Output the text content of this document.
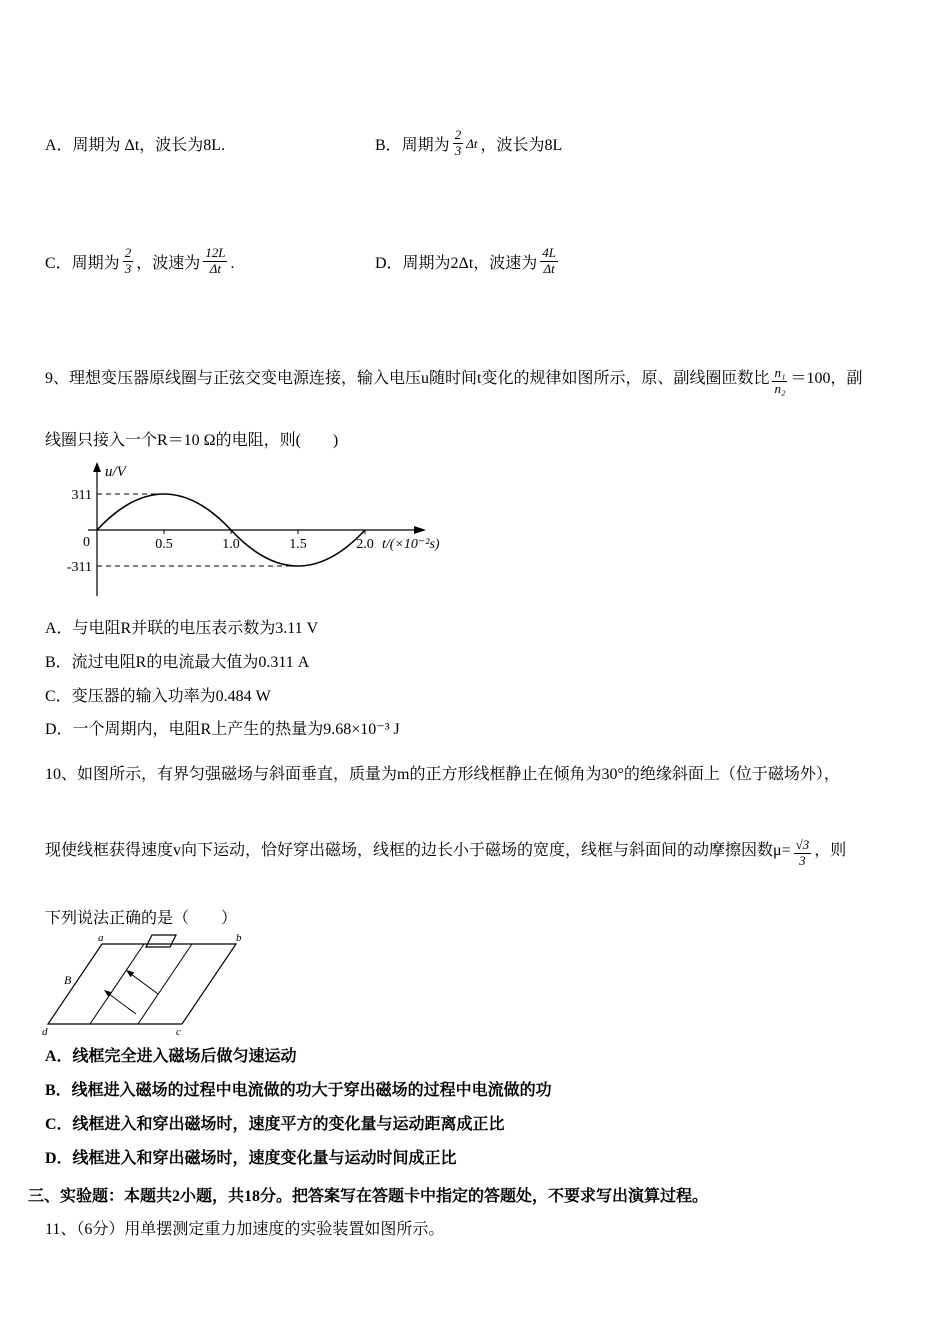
A．周期为 Δt，波长为8L.	B．周期为 $\frac{2}{3}$ Δt ，波长为8L
C．周期为 $\frac{2}{3}$ ，波速为 $\frac{12L}{\Delta t}$ .	D．周期为2Δt，波速为 $\frac{4L}{\Delta t}$
9、理想变压器原线圈与正弦交变电源连接，输入电压u随时间t变化的规律如图所示，原、副线圈匝数比 $\frac{\text{n₁}}{\text{n₂}} =100$，副
线圈只接入一个R＝10 Ω的电阻，则(　　)
u/V
311
-311
0	0.5	1.0	1.5	2.0 t/(×10⁻²s)
A．与电阻R并联的电压表示数为3.11 V
B．流过电阻R的电流最大值为0.311 A
C．变压器的输入功率为0.484 W
D．一个周期内，电阻R上产生的热量为9.68×10⁻³ J
10、如图所示，有界匀强磁场与斜面垂直，质量为m的正方形线框静止在倾角为30°的绝缘斜面上（位于磁场外），
现使线框获得速度v向下运动，恰好穿出磁场，线框的边长小于磁场的宽度，线框与斜面间的动摩擦因数$\mu= \frac{√3}{3}$ ，则
下列说法正确的是（　　）
a	b
B
d	c
A．线框完全进入磁场后做匀速运动
B．线框进入磁场的过程中电流做的功大于穿出磁场的过程中电流做的功
C．线框进入和穿出磁场时，速度平方的变化量与运动距离成正比
D．线框进入和穿出磁场时，速度变化量与运动时间成正比
三、实验题：本题共2小题，共18分。把答案写在答题卡中指定的答题处，不要求写出演算过程。
11、（6分）用单摆测定重力加速度的实验装置如图所示。
